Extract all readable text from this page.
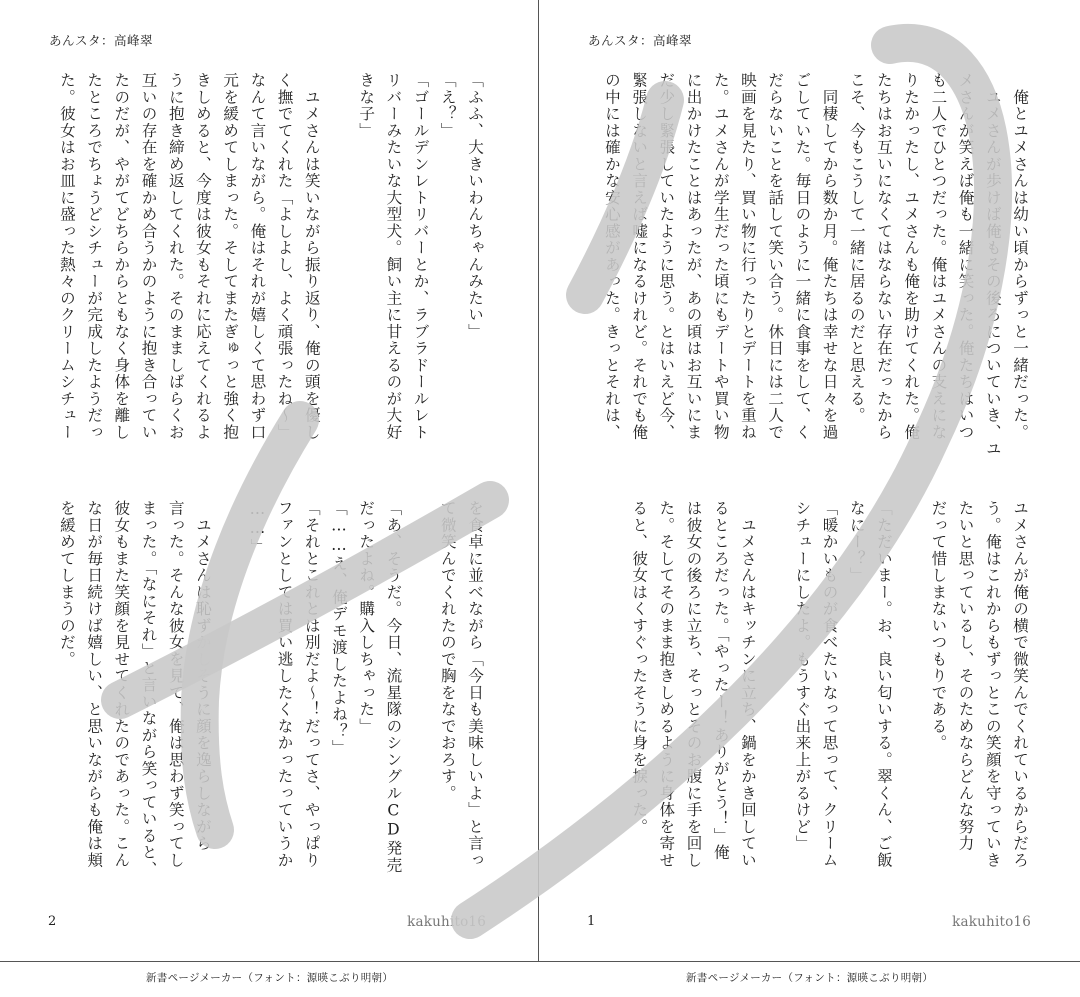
あんスタ：高峰翠
「ふふ、大きいわんちゃんみたい」
「え？」
「ゴールデンレトリバーとか、ラブラドールレト
リバーみたいな大型犬。飼い主に甘えるのが大好
きな子」

　ユメさんは笑いながら振り返り、俺の頭を優し
く撫でてくれた「よしよし、よく頑張ったね～」
なんて言いながら。俺はそれが嬉しくて思わず口
元を緩めてしまった。そしてまたぎゅっと強く抱
きしめると、今度は彼女もそれに応えてくれるよ
うに抱き締め返してくれた。そのまましばらくお
互いの存在を確かめ合うかのように抱き合ってい
たのだが、やがてどちらからともなく身体を離し
たところでちょうどシチューが完成したようだっ
た。彼女はお皿に盛った熱々のクリームシチュー
を食卓に並べながら「今日も美味しいよ」と言っ
て微笑んでくれたので胸をなでおろす。

「あ、そうだ。今日、流星隊のシングルCD発売
だったよね。購入しちゃった」
「……え、俺デモ渡したよね？」
「それとこれとは別だよ～！だってさ、やっぱり
ファンとしては買い逃したくなかったっていうか
……」

　ユメさんは恥ずかしそうに顔を逸らしながら
言った。そんな彼女を見て、俺は思わず笑ってし
まった。「なにそれ」と言いながら笑っていると、
彼女もまた笑顔を見せてくれたのであった。こん
な日が毎日続けば嬉しい、と思いながらも俺は頬
を緩めてしまうのだ。
2	kakuhito16
あんスタ：高峰翠
　俺とユメさんは幼い頃からずっと一緒だった。
　ユメさんが歩けば俺もその後ろについていき、ユ
メさんが笑えば俺も一緒に笑った。俺たちはいつ
も二人でひとつだった。俺はユメさんの支えにな
りたかったし、ユメさんも俺を助けてくれた。俺
たちはお互いになくてはならない存在だったから
こそ、今もこうして一緒に居るのだと思える。
　同棲してから数か月。俺たちは幸せな日々を過
ごしていた。毎日のように一緒に食事をして、く
だらないことを話して笑い合う。休日には二人で
映画を見たり、買い物に行ったりとデートを重ね
た。ユメさんが学生だった頃にもデートや買い物
に出かけたことはあったが、あの頃はお互いにま
だ少し緊張していたように思う。とはいえど今、
緊張しないと言えば嘘になるけれど。それでも俺
の中には確かな安心感があった。きっとそれは、
ユメさんが俺の横で微笑んでくれているからだろ
う。俺はこれからもずっとこの笑顔を守っていき
たいと思っているし、そのためならどんな努力
だって惜しまないつもりである。

「ただいまー。お、良い匂いする。翠くん、ご飯
なにー？」
「暖かいものが食べたいなって思って、クリーム
シチューにしたよ。もうすぐ出来上がるけど」

　ユメさんはキッチンに立ち、鍋をかき回してい
るところだった。「やったー！ありがとう！」俺
は彼女の後ろに立ち、そっとそのお腹に手を回し
た。そしてそのまま抱きしめるように身体を寄せ
ると、彼女はくすぐったそうに身を捩った。
1	kakuhito16
新書ページメーカー（フォント：源暎こぶり明朝）	新書ページメーカー（フォント：源暎こぶり明朝）
